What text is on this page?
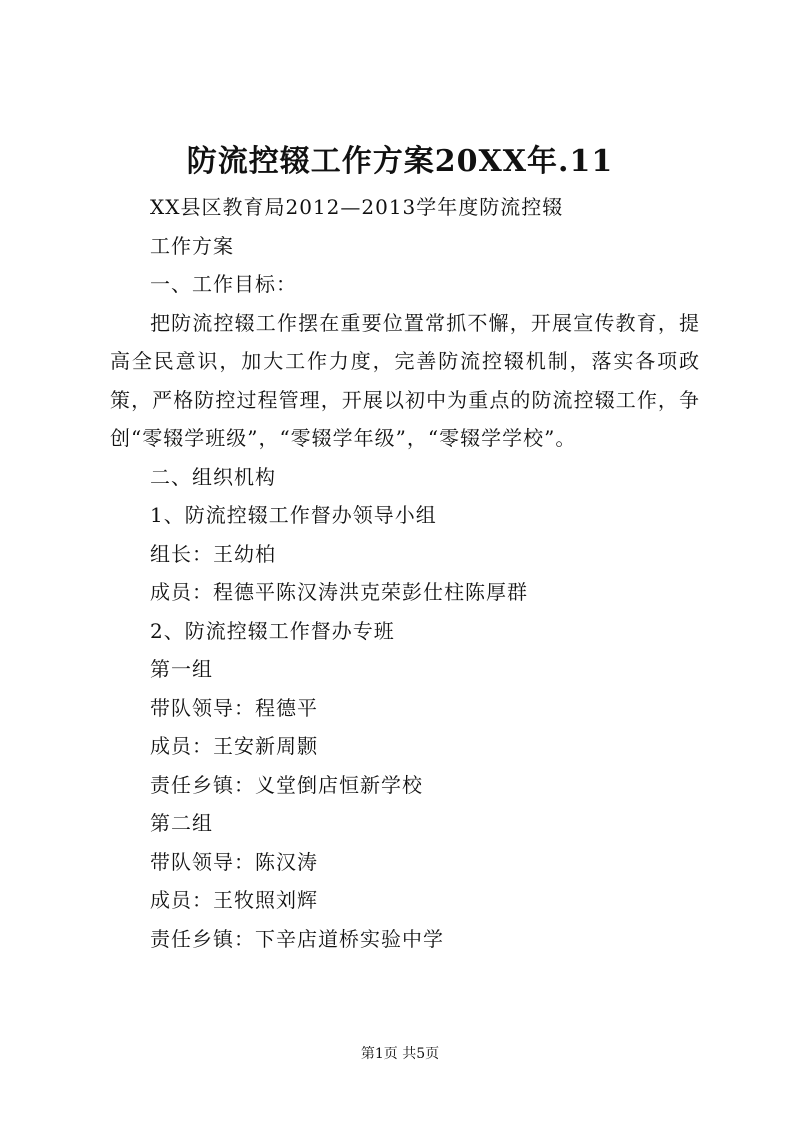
防流控辍工作方案20XX年.11

XX县区教育局2012—2013学年度防流控辍

工作方案

一、工作目标：

把防流控辍工作摆在重要位置常抓不懈，开展宣传教育，提高全民意识，加大工作力度，完善防流控辍机制，落实各项政策，严格防控过程管理，开展以初中为重点的防流控辍工作，争创“零辍学班级”，“零辍学年级”，“零辍学学校”。

二、组织机构

1、防流控辍工作督办领导小组

组长：王幼柏

成员：程德平陈汉涛洪克荣彭仕柱陈厚群

2、防流控辍工作督办专班

第一组

带队领导：程德平

成员：王安新周颢

责任乡镇：义堂倒店恒新学校

第二组

带队领导：陈汉涛

成员：王牧照刘辉

责任乡镇：下辛店道桥实验中学

第1页 共5页
